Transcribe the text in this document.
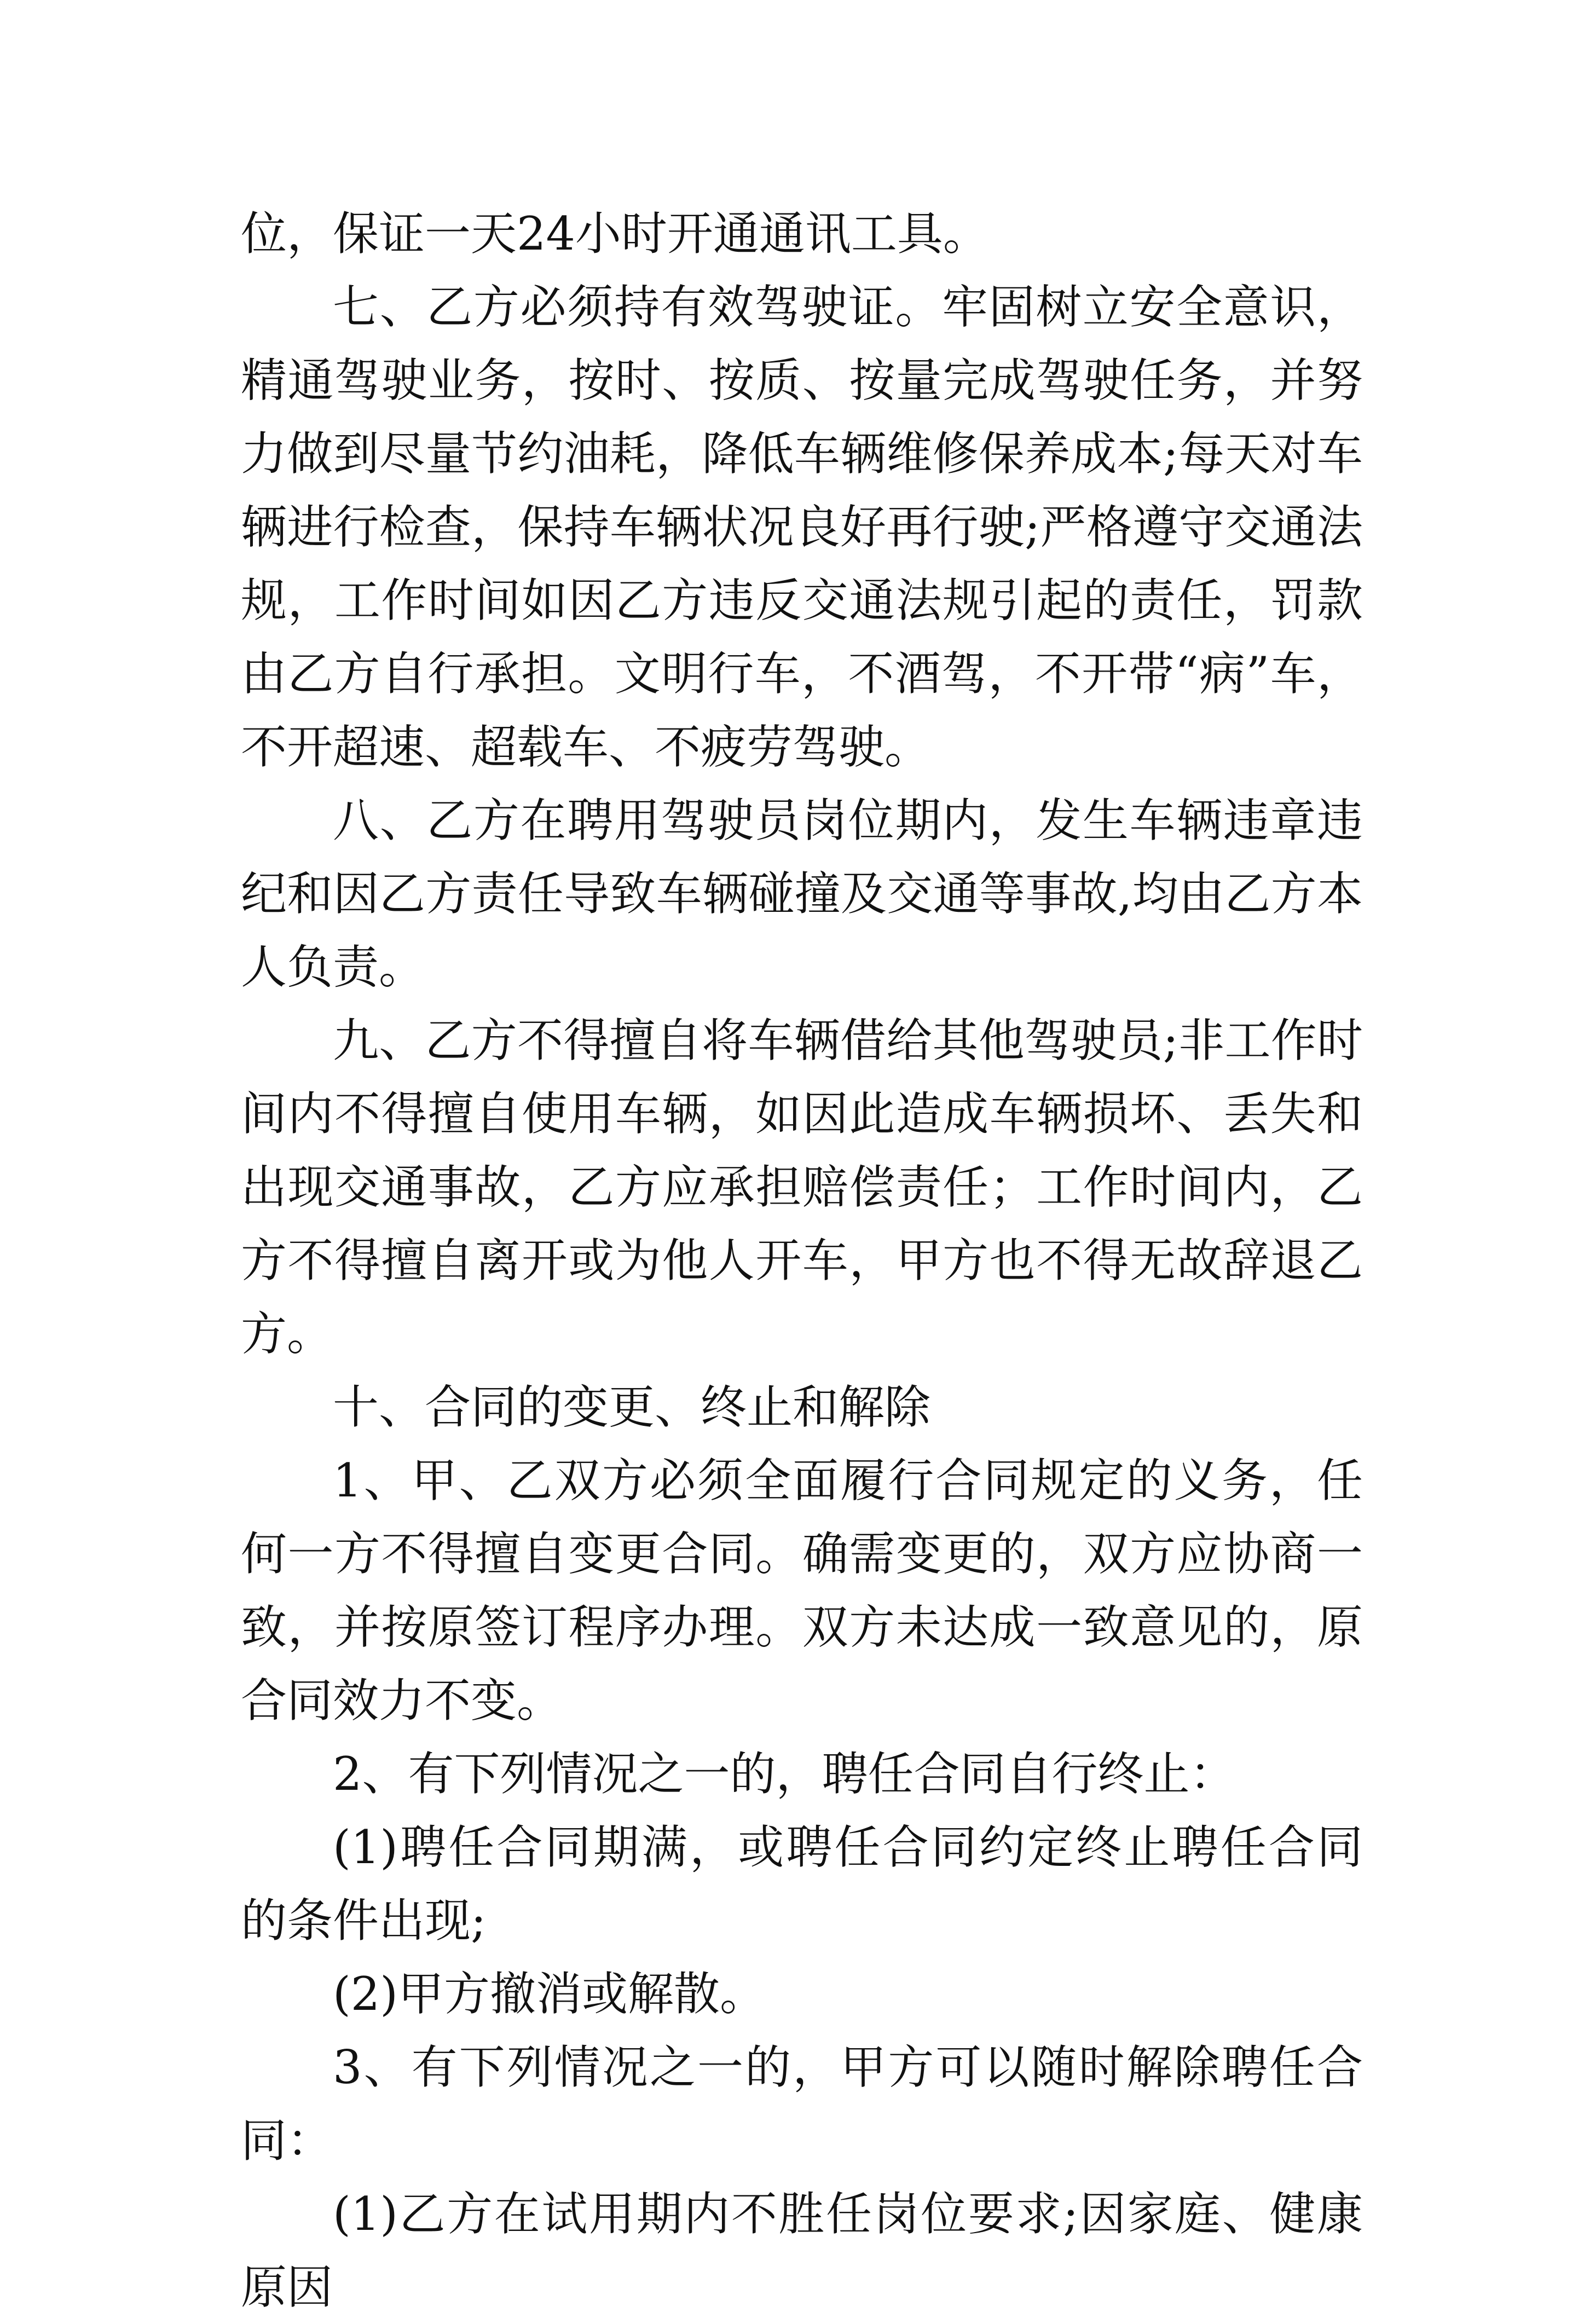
位，保证一天24小时开通通讯工具。

七、乙方必须持有效驾驶证。牢固树立安全意识，精通驾驶业务，按时、按质、按量完成驾驶任务，并努力做到尽量节约油耗，降低车辆维修保养成本;每天对车辆进行检查，保持车辆状况良好再行驶;严格遵守交通法规，工作时间如因乙方违反交通法规引起的责任，罚款由乙方自行承担。文明行车，不酒驾，不开带“病”车，不开超速、超载车、不疲劳驾驶。

八、乙方在聘用驾驶员岗位期内，发生车辆违章违纪和因乙方责任导致车辆碰撞及交通等事故,均由乙方本人负责。

九、乙方不得擅自将车辆借给其他驾驶员;非工作时间内不得擅自使用车辆，如因此造成车辆损坏、丢失和出现交通事故，乙方应承担赔偿责任；工作时间内，乙方不得擅自离开或为他人开车，甲方也不得无故辞退乙方。

十、合同的变更、终止和解除

1、甲、乙双方必须全面履行合同规定的义务，任何一方不得擅自变更合同。确需变更的，双方应协商一致，并按原签订程序办理。双方未达成一致意见的，原合同效力不变。

2、有下列情况之一的，聘任合同自行终止：

(1)聘任合同期满，或聘任合同约定终止聘任合同的条件出现;

(2)甲方撤消或解散。

3、有下列情况之一的，甲方可以随时解除聘任合同：

(1)乙方在试用期内不胜任岗位要求;因家庭、健康原因
